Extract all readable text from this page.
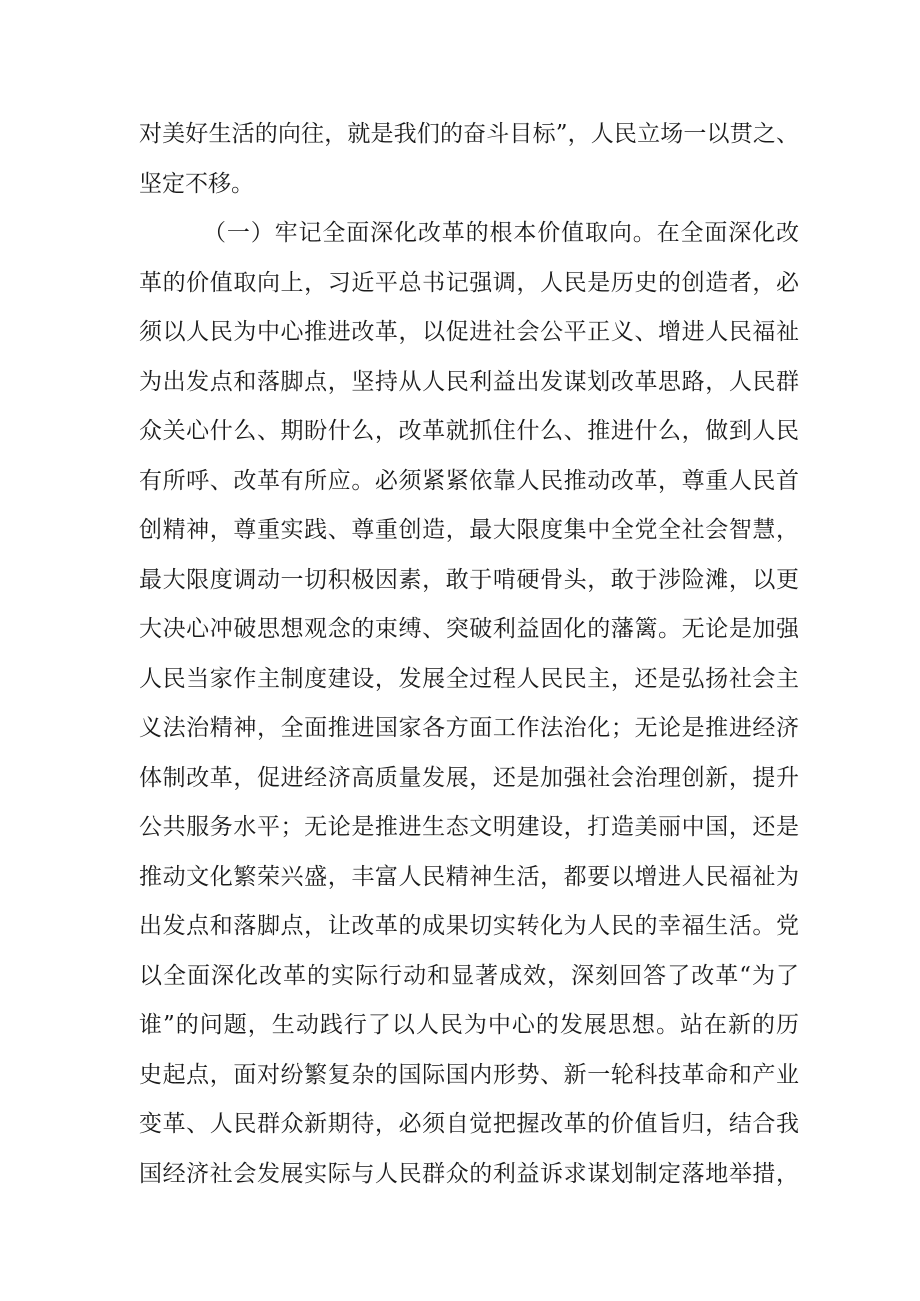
对美好生活的向往，就是我们的奋斗目标”，人民立场一以贯之、
坚定不移。
（一）牢记全面深化改革的根本价值取向。在全面深化改
革的价值取向上，习近平总书记强调，人民是历史的创造者，必
须以人民为中心推进改革，以促进社会公平正义、增进人民福祉
为出发点和落脚点，坚持从人民利益出发谋划改革思路，人民群
众关心什么、期盼什么，改革就抓住什么、推进什么，做到人民
有所呼、改革有所应。必须紧紧依靠人民推动改革，尊重人民首
创精神，尊重实践、尊重创造，最大限度集中全党全社会智慧，
最大限度调动一切积极因素，敢于啃硬骨头，敢于涉险滩，以更
大决心冲破思想观念的束缚、突破利益固化的藩篱。无论是加强
人民当家作主制度建设，发展全过程人民民主，还是弘扬社会主
义法治精神，全面推进国家各方面工作法治化；无论是推进经济
体制改革，促进经济高质量发展，还是加强社会治理创新，提升
公共服务水平；无论是推进生态文明建设，打造美丽中国，还是
推动文化繁荣兴盛，丰富人民精神生活，都要以增进人民福祉为
出发点和落脚点，让改革的成果切实转化为人民的幸福生活。党
以全面深化改革的实际行动和显著成效，深刻回答了改革“为了
谁”的问题，生动践行了以人民为中心的发展思想。站在新的历
史起点，面对纷繁复杂的国际国内形势、新一轮科技革命和产业
变革、人民群众新期待，必须自觉把握改革的价值旨归，结合我
国经济社会发展实际与人民群众的利益诉求谋划制定落地举措，
